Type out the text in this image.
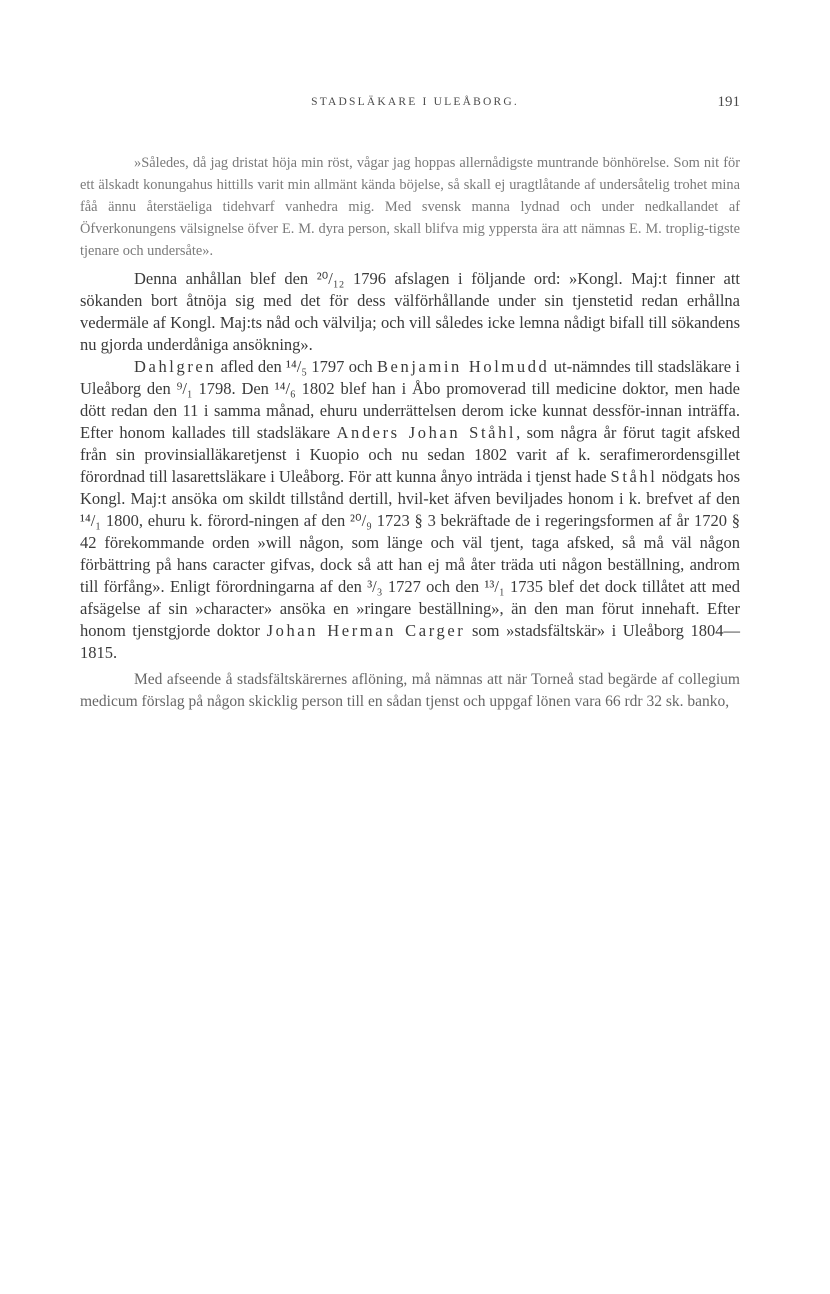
STADSLÄKARE I ULEÅBORG.	191

»Således, då jag dristat höja min röst, vågar jag hoppas allernådigste muntrande bönhörelse. Som nit för ett älskadt konungahus hittills varit min allmänt kända böjelse, så skall ej uragtlåtande af undersåtelig trohet mina fåå ännu återstäeliga tidehvarf vanhedra mig. Med svensk manna lydnad och under nedkallandet af Öfverkonungens välsignelse öfver E. M. dyra person, skall blifva mig yppersta ära att nämnas E. M. troplig-tigste tjenare och undersåte».

Denna anhållan blef den ²⁰/₁₂ 1796 afslagen i följande ord: »Kongl. Maj:t finner att sökanden bort åtnöja sig med det för dess välförhållande under sin tjenstetid redan erhållna vedermäle af Kongl. Maj:ts nåd och välvilja; och vill således icke lemna nådigt bifall till sökandens nu gjorda underdåniga ansökning».

Dahlgren afled den ¹⁴/₅ 1797 och Benjamin Holmudd ut-nämndes till stadsläkare i Uleåborg den ⁹/₁ 1798. Den ¹⁴/₆ 1802 blef han i Åbo promoverad till medicine doktor, men hade dött redan den 11 i samma månad, ehuru underrättelsen derom icke kunnat dessför-innan inträffa. Efter honom kallades till stadsläkare Anders Johan Ståhl, som några år förut tagit afsked från sin provinsialläkaretjenst i Kuopio och nu sedan 1802 varit af k. serafimerordensgillet förordnad till lasarettsläkare i Uleåborg. För att kunna ånyo inträda i tjenst hade Ståhl nödgats hos Kongl. Maj:t ansöka om skildt tillstånd dertill, hvil-ket äfven beviljades honom i k. brefvet af den ¹⁴/₁ 1800, ehuru k. förord-ningen af den ²⁰/₉ 1723 § 3 bekräftade de i regeringsformen af år 1720 § 42 förekommande orden »will någon, som länge och väl tjent, taga afsked, så må väl någon förbättring på hans caracter gifvas, dock så att han ej må åter träda uti någon beställning, androm till förfång». Enligt förordningarna af den ³/₃ 1727 och den ¹³/₁ 1735 blef det dock tillåtet att med afsägelse af sin »character» ansöka en »ringare beställning», än den man förut innehaft. Efter honom tjenstgjorde doktor Johan Herman Carger som »stadsfältskär» i Uleåborg 1804—1815.

Med afseende å stadsfältskärernes aflöning, må nämnas att när Torneå stad begärde af collegium medicum förslag på någon skicklig person till en sådan tjenst och uppgaf lönen vara 66 rdr 32 sk. banko,
